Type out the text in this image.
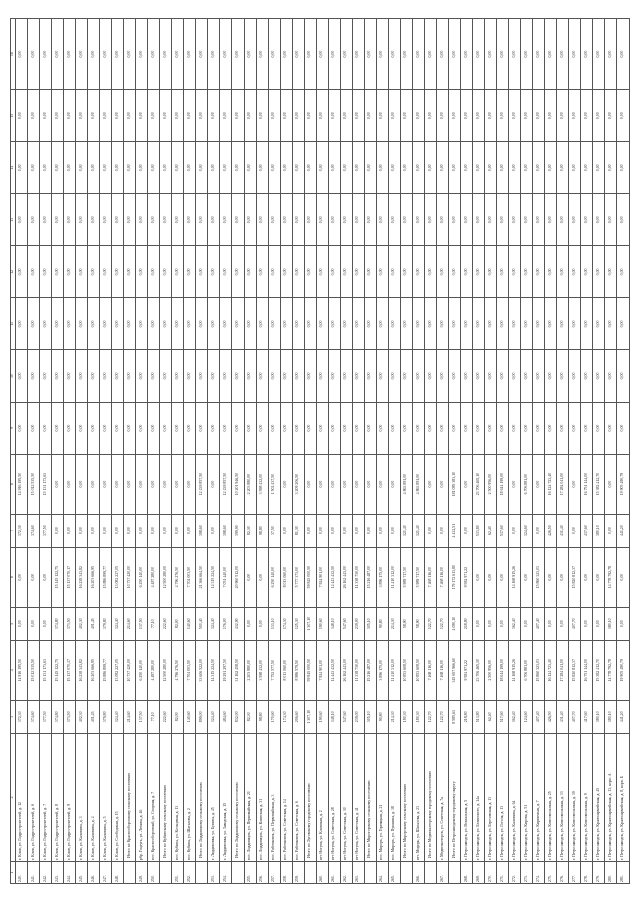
1	2	3	4	5	6	7	8	9	10	11	12	13	14	15	16
240.	г. Клин, ул. Гидростроителей, д. 12	372,30	14 916 195,50	0,00	0,00	372,30	14 916 195,50	0,00	0,00	0,00	0,00	0,00	0,00	0,00	0,00
241.	г. Клин, ул. Гидростроителей, д. 6	374,60	15 012 535,50	0,00	0,00	374,60	15 012 535,50	0,00	0,00	0,00	0,00	0,00	0,00	0,00	0,00
242.	г. Клин, ул. Гидростроителей, д. 7	377,50	15 131 173,63	0,00	0,00	377,50	15 131 173,63	0,00	0,00	0,00	0,00	0,00	0,00	0,00	0,00
243.	г. Клин, ул. Гидростроителей, д. 8	374,80	15 145 122,75	374,80	15 145 122,75	0,00	0,00	0,00	0,00	0,00	0,00	0,00	0,00	0,00	0,00
244.	г. Клин, ул. Гидростроителей, д. 9	373,50	15 137 070,17	373,50	15 137 070,17	0,00	0,00	0,00	0,00	0,00	0,00	0,00	0,00	0,00	0,00
245.	г. Клин, ул. Калинина, д. 3	402,30	16 238 343,82	402,30	16 238 343,82	0,00	0,00	0,00	0,00	0,00	0,00	0,00	0,00	0,00	0,00
246.	г. Клин, ул. Калинина, д. 4	401,45	16 203 666,95	401,45	16 203 666,95	0,00	0,00	0,00	0,00	0,00	0,00	0,00	0,00	0,00	0,00
247.	г. Клин, ул. Калинина, д. 5	379,80	15 886 899,77	379,80	15 886 899,77	0,00	0,00	0,00	0,00	0,00	0,00	0,00	0,00	0,00	0,00
248.	г. Клин, ул. Слободская, д. 15	324,40	13 082 227,05	324,40	13 082 227,05	0,00	0,00	0,00	0,00	0,00	0,00	0,00	0,00	0,00	0,00
	Итого по Краснооборонному сельскому поселению	214,60	10 737 420,00	214,60	10 737 420,00	0,00	0,00	0,00	0,00	0,00	0,00	0,00	0,00	0,00	0,00
249.	рбр. Гоцгугь, ул. Ленина, д. 46	137,50	6 250 140,00	137,50	6 250 140,00	0,00	0,00	0,00	0,00	0,00	0,00	0,00	0,00	0,00	0,00
250.	пос. Краснооборонный, ул. Спорная, д. 7	77,10	4 487 280,00	77,10	4 487 280,00	0,00	0,00	0,00	0,00	0,00	0,00	0,00	0,00	0,00	0,00
	Итого по Кубинскому сельскому поселению	222,60	12 500 280,00	222,60	12 500 280,00	0,00	0,00	0,00	0,00	0,00	0,00	0,00	0,00	0,00	0,00
251.	пос. Кубина, ул. Кольцевая, д. 13	82,00	4 796 276,50	82,00	4 796 276,50	0,00	0,00	0,00	0,00	0,00	0,00	0,00	0,00	0,00	0,00
252.	пос. Кубина, ул. Шаталова, д. 2	140,60	7 704 003,50	140,60	7 704 003,50	0,00	0,00	0,00	0,00	0,00	0,00	0,00	0,00	0,00	0,00
	Итого по Лиддинскому сельскому поселению	899,00	33 606 522,00	500,40	21 366 664,50	398,60	12 239 857,50	0,00	0,00	0,00	0,00	0,00	0,00	0,00	0,00
253.	г. Лиддиновка, ул. Бунина, д. 45	324,40	14 315 224,50	324,40	14 315 224,50	0,00	0,00	0,00	0,00	0,00	0,00	0,00	0,00	0,00	0,00
254.	г. Лиддиновка, ул. Заводская, д. 15	484,60	19 291 297,50	176,00	7 051 440,00	398,60	12 239 857,50	0,00	0,00	0,00	0,00	0,00	0,00	0,00	0,00
	Итого по Лиддинскому сельскому поселению	832,00	31 162 458,50	432,90	20 960 512,00	399,90	10 201 946,50	0,00	0,00	0,00	0,00	0,00	0,00	0,00	0,00
255.	пос. Лиддинкуль, ул. Первомайская, д. 21	82,30	2 203 880,00	0,00	0,00	82,30	2 203 880,00	0,00	0,00	0,00	0,00	0,00	0,00	0,00	0,00
256.	пос. Лиддинкуль, ул. Клинская, д. 31	98,80	3 598 432,00	0,00	0,00	98,80	3 598 432,00	0,00	0,00	0,00	0,00	0,00	0,00	0,00	0,00
257.	пос. Рабочковск, ул. Первомайская, д. 3	170,60	7 752 577,50	133,10	6 250 140,00	37,50	1 502 437,50	0,00	0,00	0,00	0,00	0,00	0,00	0,00	0,00
258.	пос. Рабочковск, ул. Советская, д. 14	174,30	8 013 060,00	174,30	8 013 060,00	0,00	0,00	0,00	0,00	0,00	0,00	0,00	0,00	0,00	0,00
259.	пос. Рабочковск, ул. Советская, д. 6	206,60	8 986 579,50	125,30	5 777 373,00	81,30	3 209 206,50	0,00	0,00	0,00	0,00	0,00	0,00	0,00	0,00
	Итого по Луговскому городскому поселению	1 307,10	59 845 000,50	1 307,10	59 845 000,50	0,00	0,00	0,00	0,00	0,00	0,00	0,00	0,00	0,00	0,00
260.	пгт Ногуна, ул. Клинская, д. 2	190,60	7 924 901,00	190,60	7 924 901,00	0,00	0,00	0,00	0,00	0,00	0,00	0,00	0,00	0,00	0,00
261.	пгт Ногуна, ул. Советская, д. 28	348,10	14 443 432,50	348,10	14 443 432,50	0,00	0,00	0,00	0,00	0,00	0,00	0,00	0,00	0,00	0,00
262.	пгт Ногуна, ул. Советская, д. 30	547,60	26 162 443,00	547,60	26 162 443,00	0,00	0,00	0,00	0,00	0,00	0,00	0,00	0,00	0,00	0,00
263.	пгт Ногуна, ул. Советская, д. 41	239,00	11 338 730,00	239,00	11 338 730,00	0,00	0,00	0,00	0,00	0,00	0,00	0,00	0,00	0,00	0,00
	Итого по Мирогорскому сельскому поселению	305,10	15 216 487,00	305,10	15 216 487,00	0,00	0,00	0,00	0,00	0,00	0,00	0,00	0,00	0,00	0,00
264.	пос. Мирорь, ул. Горняцкая, д. 21	90,80	3 896 175,00	90,80	3 896 175,00	0,00	0,00	0,00	0,00	0,00	0,00	0,00	0,00	0,00	0,00
265.	пос. Мирорь, ул. Пушкина, д. 38	214,30	11 410 312,00	214,30	11 410 312,00	0,00	0,00	0,00	0,00	0,00	0,00	0,00	0,00	0,00	0,00
	Итого по Мирорскому сельскому поселению	180,30	10 853 608,50	58,90	5 989 717,50	121,40	4 863 891,00	0,00	0,00	0,00	0,00	0,00	0,00	0,00	0,00
266.	пгт. Мирорь, ул. Шаталова, д. 23	180,30	10 853 608,50	58,90	5 989 717,50	121,40	4 863 891,00	0,00	0,00	0,00	0,00	0,00	0,00	0,00	0,00
	Итого по Медвежьегорскому городскому поселению	122,70	7 468 116,00	122,70	7 468 116,00	0,00	0,00	0,00	0,00	0,00	0,00	0,00	0,00	0,00	0,00
267.	г. Медвежьегорск, ул. Советская, д. 7а	122,70	7 468 116,00	122,70	7 468 116,00	0,00	0,00	0,00	0,00	0,00	0,00	0,00	0,00	0,00	0,00
	Итого по Петрозаводскому городскому округу	8 585,61	345 657 966,60	4 080,10	179 172 613,80	4 432,51	181 085 383,10	0,00	0,00	0,00	0,00	0,00	0,00	0,00	0,00
268.	г. Петрозаводск, ул. Вокзальная, д. 5	218,80	9 584 971,22	218,80	9 584 971,22	0,00	0,00	0,00	0,00	0,00	0,00	0,00	0,00	0,00	0,00
269.	г. Петрозаводск, ул. Белинского, д. 14а	513,80	23 706 465,10	0,00	0,00	513,80	23 706 465,10	0,00	0,00	0,00	0,00	0,00	0,00	0,00	0,00
270.	г. Петрозаводск, ул. Березовская, д. 13	62,40	2 500 956,00	0,00	0,00	62,40	2 500 956,00	0,00	0,00	0,00	0,00	0,00	0,00	0,00	0,00
271.	г. Петрозаводск, ул. Гоголя, д. 13	517,60	18 614 199,00	0,00	0,00	517,60	18 614 199,00	0,00	0,00	0,00	0,00	0,00	0,00	0,00	0,00
272.	г. Петрозаводск, ул. Калинина, д. 64	362,40	14 168 915,26	362,40	14 168 915,26	0,00	0,00	0,00	0,00	0,00	0,00	0,00	0,00	0,00	0,00
273.	г. Петрозаводск, ул. Кирова, д. 51	124,60	6 706 881,00	0,00	0,00	124,60	6 706 881,00	0,00	0,00	0,00	0,00	0,00	0,00	0,00	0,00
274.	г. Петрозаводск, ул. Кирпичная, д. 7	407,40	15 860 323,03	407,40	15 860 323,03	0,00	0,00	0,00	0,00	0,00	0,00	0,00	0,00	0,00	0,00
275.	г. Петрозаводск, ул. Комсомольская, д. 25	426,50	16 124 723,40	0,00	0,00	426,50	16 124 723,40	0,00	0,00	0,00	0,00	0,00	0,00	0,00	0,00
276.	г. Петрозаводск, ул. Комсомольская, д. 33	431,40	17 284 041,00	0,00	0,00	431,40	17 284 041,00	0,00	0,00	0,00	0,00	0,00	0,00	0,00	0,00
277.	г. Петрозаводск, ул. Комсомольская, д. 39	407,70	15 820 812,37	407,70	15 820 812,37	0,00	0,00	0,00	0,00	0,00	0,00	0,00	0,00	0,00	0,00
278.	г. Петрозаводск, ул. Комсомольская, д. 9	417,60	16 751 144,00	0,00	0,00	417,60	16 751 144,00	0,00	0,00	0,00	0,00	0,00	0,00	0,00	0,00
279.	г. Петрозаводск, ул. Красноармейская, д. 45	380,10	15 382 412,70	0,00	0,00	380,10	15 382 412,70	0,00	0,00	0,00	0,00	0,00	0,00	0,00	0,00
280.	г. Петрозаводск, ул. Красноармейская, д. 13, корп. А	380,10	14 778 792,78	380,10	14 778 792,78	0,00	0,00	0,00	0,00	0,00	0,00	0,00	0,00	0,00	0,00
281.	г. Петрозаводск, ул. Красноармейская, д. 8, корп. Б	441,20	19 905 490,79	0,00	0,00	441,20	19 905 490,79	0,00	0,00	0,00	0,00	0,00	0,00	0,00	0,00
